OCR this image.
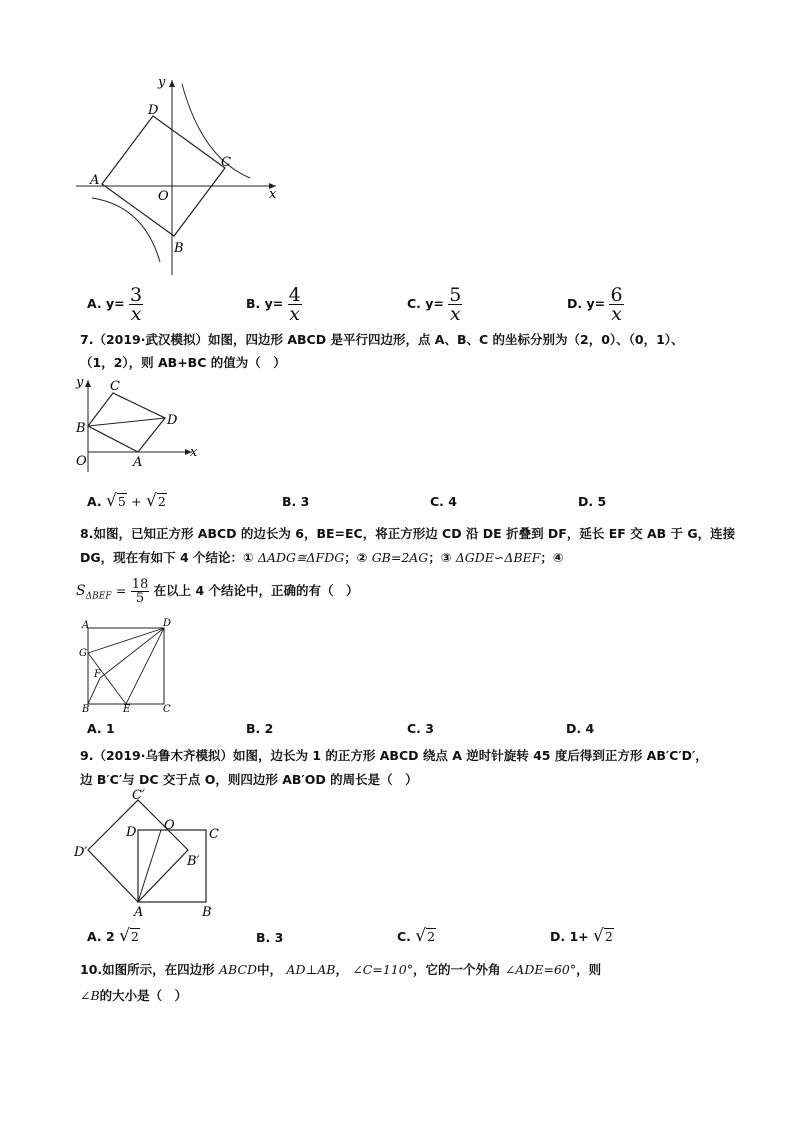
y
x
O
A
B
C
D
A. $y= \frac{3}{x}$	B. $y= \frac{4}{x}$	C. $y= \frac{5}{x}$	D. $y= \frac{6}{x}$
7.（2019·武汉模拟）如图，四边形 ABCD 是平行四边形，点 A、B、C 的坐标分别为（2，0）、（0，1）、
（1，2），则 AB+BC 的值为（　）
y
x
O	A
B
C
D
A. √5 + √2	B. 3	C. 4	D. 5
8.如图，已知正方形 ABCD 的边长为 6，BE=EC，将正方形边 CD 沿 DE 折叠到 DF，延长 EF 交 AB 于 G，连接
DG，现在有如下 4 个结论：① ΔADG≅ΔFDG；② GB=2AG；③ ΔGDE∽ΔBEF；④
$S_{\Delta BEF} = \frac{18}{5}$ 在以上 4 个结论中，正确的有（　）
A	D
G
F
B	E	C
A. 1	B. 2	C. 3	D. 4
9.（2019·乌鲁木齐模拟）如图，边长为 1 的正方形 ABCD 绕点 A 逆时针旋转 45 度后得到正方形 AB′C′D′，
边 B′C′与 DC 交于点 O，则四边形 AB′OD 的周长是（　）
C′
D O
C
D′
B′
A	B
A. 2 √2	B. 3	C. √2	D. 1+ √2
10.如图所示，在四边形 ABCD中， AD⊥AB， ∠C=110°，它的一个外角 ∠ADE=60°，则
∠B的大小是（　）
